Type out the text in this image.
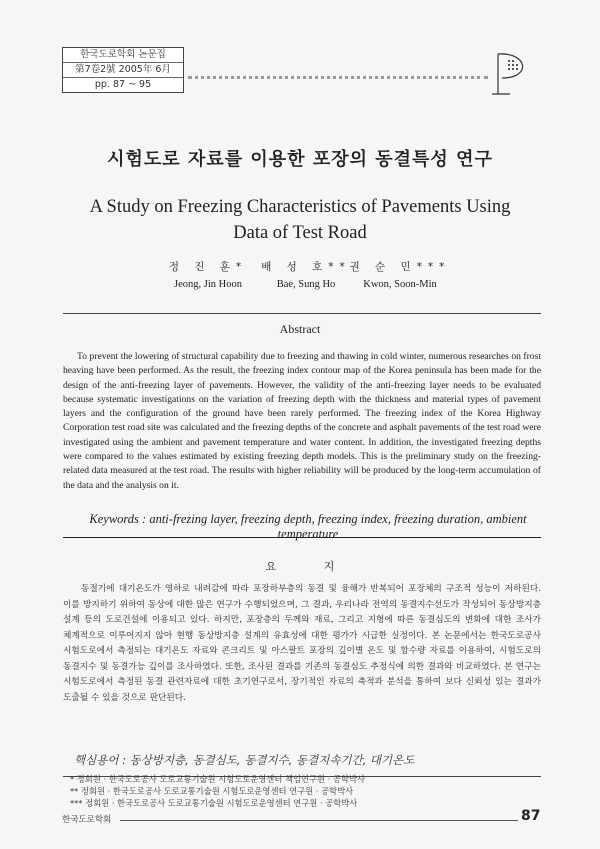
한국도로학회 논문집
第7卷2號 2005年 6月
pp. 87 ~ 95
시험도로 자료를 이용한 포장의 동결특성 연구
A Study on Freezing Characteristics of Pavements Using Data of Test Road
정 진 훈*
Jeong, Jin Hoon
배 성 호**
Bae, Sung Ho
권 순 민***
Kwon, Soon-Min
Abstract

To prevent the lowering of structural capability due to freezing and thawing in cold winter, numerous researches on frost heaving have been performed. As the result, the freezing index contour map of the Korea peninsula has been made for the design of the anti-freezing layer of pavements. However, the validity of the anti-freezing layer needs to be evaluated because systematic investigations on the variation of freezing depth with the thickness and material types of pavement layers and the configuration of the ground have been rarely performed. The freezing index of the Korea Highway Corporation test road site was calculated and the freezing depths of the concrete and asphalt pavements of the test road were investigated using the ambient and pavement temperature and water content. In addition, the investigated freezing depths were compared to the values estimated by existing freezing depth models. This is the preliminary study on the freezing-related data measured at the test road. The results with higher reliability will be produced by the long-term accumulation of the data and the analysis on it.

Keywords : anti-frezing layer, freezing depth, freezing index, freezing duration, ambient temperature

요 지

동절기에 대기온도가 영하로 내려감에 따라 포장하부층의 동결 및 융해가 반복되어 포장체의 구조적 성능이 저하된다. 이를 방지하기 위하여 동상에 대한 많은 연구가 수행되었으며, 그 결과, 우리나라 전역의 동결지수선도가 작성되어 동상방지층 설계 등의 도로건설에 이용되고 있다. 하지만, 포장층의 두께와 재료, 그리고 지형에 따른 동결심도의 변화에 대한 조사가 체계적으로 이루어지지 않아 현행 동상방지층 설계의 유효성에 대한 평가가 시급한 실정이다. 본 논문에서는 한국도로공사 시험도로에서 측정되는 대기온도 자료와 콘크리트 및 아스팔트 포장의 깊이별 온도 및 함수량 자료를 이용하여, 시험도로의 동결지수 및 동결가능 깊이를 조사하였다. 또한, 조사된 결과를 기존의 동결심도 추정식에 의한 결과와 비교하였다. 본 연구는 시험도로에서 측정된 동결 관련자료에 대한 초기연구로서, 장기적인 자료의 축적과 분석을 통하여 보다 신뢰성 있는 결과가 도출될 수 있을 것으로 판단된다.

핵심용어 : 동상방지층, 동결심도, 동결지수, 동결지속기간, 대기온도

* 정회원 · 한국도로공사 도로교통기술원 시험도로운영센터 책임연구원 · 공학박사
** 정회원 · 한국도로공사 도로교통기술원 시험도로운영센터 연구원 · 공학박사
*** 정회원 · 한국도로공사 도로교통기술원 시험도로운영센터 연구원 · 공학박사
한국도로학회	87
